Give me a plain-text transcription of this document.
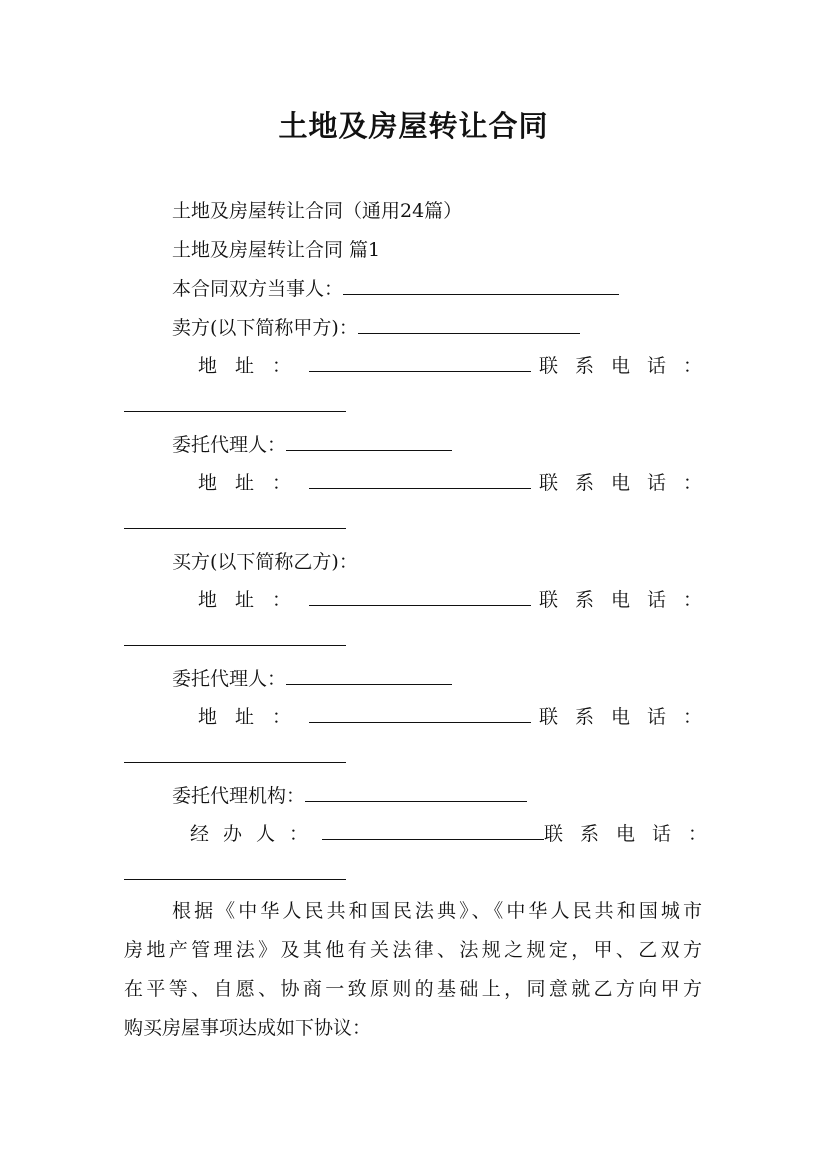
土地及房屋转让合同
土地及房屋转让合同（通用24篇）
土地及房屋转让合同 篇1
本合同双方当事人：
卖方(以下简称甲方)：
地址：	联系电话：
委托代理人：
地址：	联系电话：
买方(以下简称乙方)：
地址：	联系电话：
委托代理人：
地址：	联系电话：
委托代理机构：
经办人：	联系电话：
根据《中华人民共和国民法典》、《中华人民共和国城市
房地产管理法》及其他有关法律、法规之规定，甲、乙双方
在平等、自愿、协商一致原则的基础上，同意就乙方向甲方
购买房屋事项达成如下协议：
